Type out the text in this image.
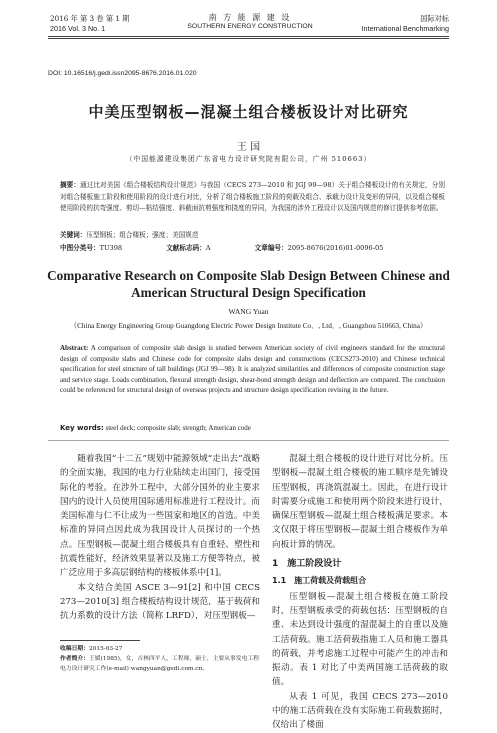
2016 年 第 3 卷 第 1 期
2016 Vol. 3 No. 1
南 方 能 源 建 设
SOUTHERN ENERGY CONSTRUCTION
国际对标
International Benchmarking
DOI: 10.16516/j.gedi.issn2095-8676.2016.01.020
中美压型钢板—混凝土组合楼板设计对比研究
王 国
（中国能源建设集团广东省电力设计研究院有限公司，广州 510663）
摘要：通过比对美国《组合楼板结构设计规范》与我国（CECS 273—2010 和 JGJ 99—98）关于组合楼板设计的有关规定，分别对组合楼板施工阶段和使用阶段的设计进行对比，分析了组合楼板施工阶段的荷载及组合、承载力设计及变形的异同，以及组合楼板使用阶段的抗弯强度、剪切—粘结强度、斜截面抗剪强度和挠度的异同，为我国的涉外工程设计以及国内规范的修订提供参考依据。
关键词：压型钢板；组合楼板；强度；美国规范
中图分类号：TU398	文献标志码：A	文章编号：2095-8676(2016)01-0096-05
Comparative Research on Composite Slab Design Between Chinese and American Structural Design Specification
WANG Yuan
（China Energy Engineering Group Guangdong Electric Power Design Institute Co．, Ltd．, Guangzhou 510663, China）
Abstract: A comparison of composite slab design is studied between American society of civil engineers standard for the structural design of composite slabs and Chinese code for composite slabs design and constructions (CECS273-2010) and Chinese technical specification for steel structure of tall buildings (JGJ 99—98). It is analyzed similarities and differences of composite construction stage and service stage. Loads combination, flexural strength design, shear-bond strength design and deflection are compared. The conclusion could be referenced for structural design of overseas projects and structure design specification revising in the future.
Key words: steel deck; composite slab; strength; American code

随着我国“十二五”规划中能源领域“走出去”战略的全面实施，我国的电力行业陆续走出国门，接受国际化的考验。在涉外工程中，大部分国外的业主要求国内的设计人员使用国际通用标准进行工程设计。而美国标准与仁不让成为一些国家和地区的首选。中美标准的异同点因此成为我国设计人员探讨的一个热点。压型钢板—混凝土组合楼板具有自重轻、塑性和抗震性能好，经济效果显著以及施工方便等特点，被广泛应用于多高层钢结构的楼板体系中[1]。

本文结合美国 ASCE 3—91[2] 和中国 CECS 273—2010[3] 组合楼板结构设计规范，基于载荷和抗力系数的设计方法（简称 LRFD），对压型钢板—

混凝土组合楼板的设计进行对比分析。压型钢板—混凝土组合楼板的施工顺序是先铺设压型钢板，再浇筑混凝土。因此，在进行设计时需要分成施工和使用两个阶段来进行设计，确保压型钢板—混凝土组合楼板满足要求。本文仅限于将压型钢板—混凝土组合楼板作为单向板计算的情况。

1　施工阶段设计
1.1　施工荷载及荷载组合

压型钢板—混凝土组合楼板在施工阶段时，压型钢板承受的荷载包括：压型钢板的自重、未达到设计强度的湿混凝土的自重以及施工活荷载。施工活荷载指施工人员和施工器具的荷载，并考虑施工过程中可能产生的冲击和振动。表 1 对比了中美两国施工活荷载的取值。

从表 1 可见，我国 CECS 273—2010 中的施工活荷载在没有实际施工荷载数据时，仅给出了楼面

收稿日期：2015-03-27
作者简介：王媛(1985)，女，吉林四平人，工程师，硕士，主要从事发电工程电力设计研究工作(e-mail) wangyuan@gedi.com.cn。
